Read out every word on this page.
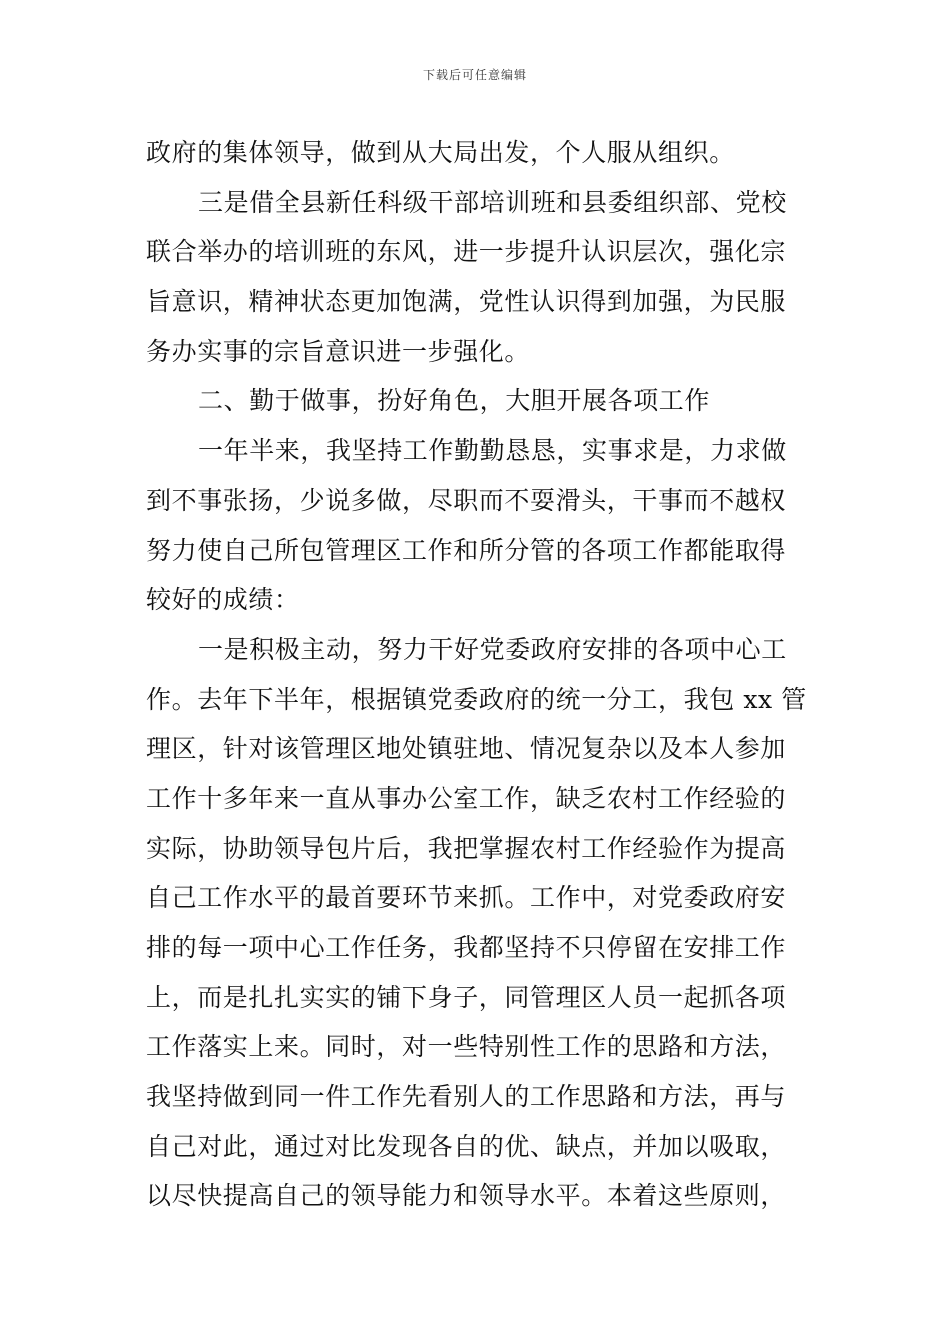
下载后可任意编辑
政府的集体领导，做到从大局出发，个人服从组织。
三是借全县新任科级干部培训班和县委组织部、党校
联合举办的培训班的东风，进一步提升认识层次，强化宗
旨意识，精神状态更加饱满，党性认识得到加强，为民服
务办实事的宗旨意识进一步强化。
二、勤于做事，扮好角色，大胆开展各项工作
一年半来，我坚持工作勤勤恳恳，实事求是，力求做
到不事张扬，少说多做，尽职而不耍滑头，干事而不越权
努力使自己所包管理区工作和所分管的各项工作都能取得
较好的成绩：
一是积极主动，努力干好党委政府安排的各项中心工
作。去年下半年，根据镇党委政府的统一分工，我包 xx 管
理区，针对该管理区地处镇驻地、情况复杂以及本人参加
工作十多年来一直从事办公室工作，缺乏农村工作经验的
实际，协助领导包片后，我把掌握农村工作经验作为提高
自己工作水平的最首要环节来抓。工作中，对党委政府安
排的每一项中心工作任务，我都坚持不只停留在安排工作
上，而是扎扎实实的铺下身子，同管理区人员一起抓各项
工作落实上来。同时，对一些特别性工作的思路和方法，
我坚持做到同一件工作先看别人的工作思路和方法，再与
自己对此，通过对比发现各自的优、缺点，并加以吸取，
以尽快提高自己的领导能力和领导水平。本着这些原则，
